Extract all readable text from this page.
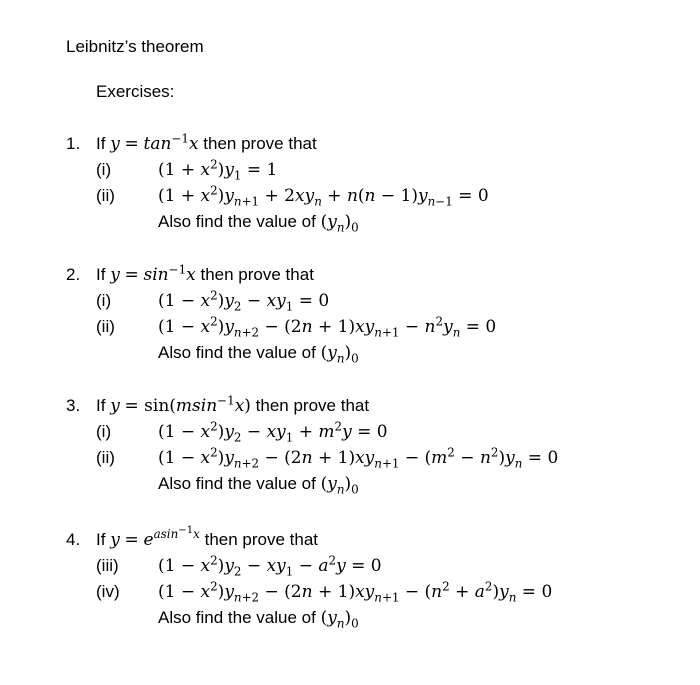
Leibnitz’s theorem
Exercises:
1. If $y = \tan^{-1}x$ then prove that
(i)	$(1 + x^2)y_1 = 1$
(ii)	$(1 + x^2)y_{n+1} + 2xy_n + n(n - 1)y_{n-1} = 0$
Also find the value of $(y_n)_0$
2. If $y = \sin^{-1}x$ then prove that
(i)	$(1 - x^2)y_2 - xy_1 = 0$
(ii)	$(1 - x^2)y_{n+2} - (2n + 1)xy_{n+1} - n^2y_n = 0$
Also find the value of $(y_n)_0$
3. If y = sin(msin$^{-1}$x) then prove that
(i)	$(1 - x^2)y_2 - xy_1 + m^2y = 0$
(ii)	$(1 - x^2)y_{n+2} - (2n + 1)xy_{n+1} - (m^2 - n^2)y_n = 0$
Also find the value of $(y_n)_0$
4. If $y = e^{asin^{-1}x}$ then prove that
(iii) $(1 - x^2)y_2 - xy_1 - a^2y = 0$
(iv) $(1 - x^2)y_{n+2} - (2n + 1)xy_{n+1} - (n^2 + a^2)y_n = 0$
Also find the value of $(y_n)_0$
